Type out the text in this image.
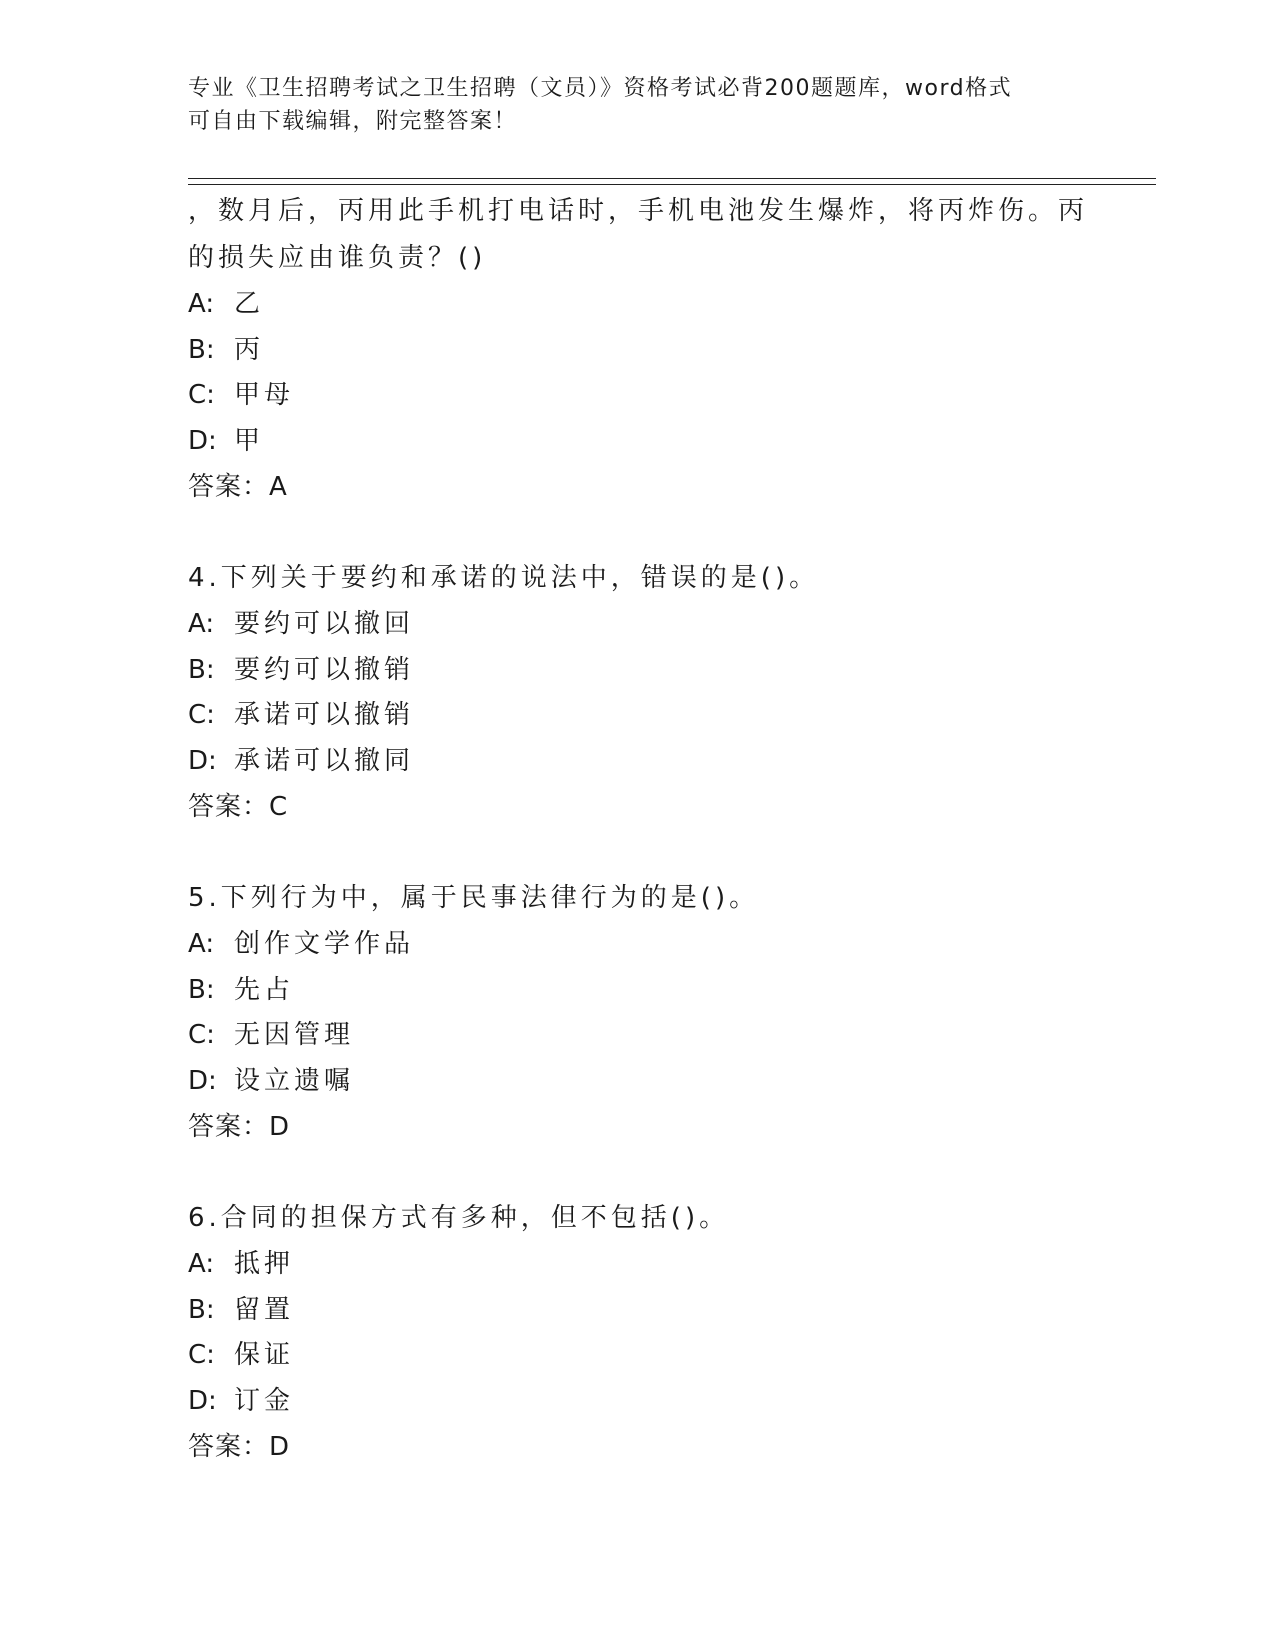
专业《卫生招聘考试之卫生招聘（文员）》资格考试必背200题题库，word格式
可自由下载编辑，附完整答案！
，数月后，丙用此手机打电话时，手机电池发生爆炸，将丙炸伤。丙
的损失应由谁负责？()
A: 乙
B: 丙
C: 甲母
D: 甲
答案：A
4.下列关于要约和承诺的说法中，错误的是()。
A: 要约可以撤回
B: 要约可以撤销
C: 承诺可以撤销
D: 承诺可以撤同
答案：C
5.下列行为中，属于民事法律行为的是()。
A: 创作文学作品
B: 先占
C: 无因管理
D: 设立遗嘱
答案：D
6.合同的担保方式有多种，但不包括()。
A: 抵押
B: 留置
C: 保证
D: 订金
答案：D
